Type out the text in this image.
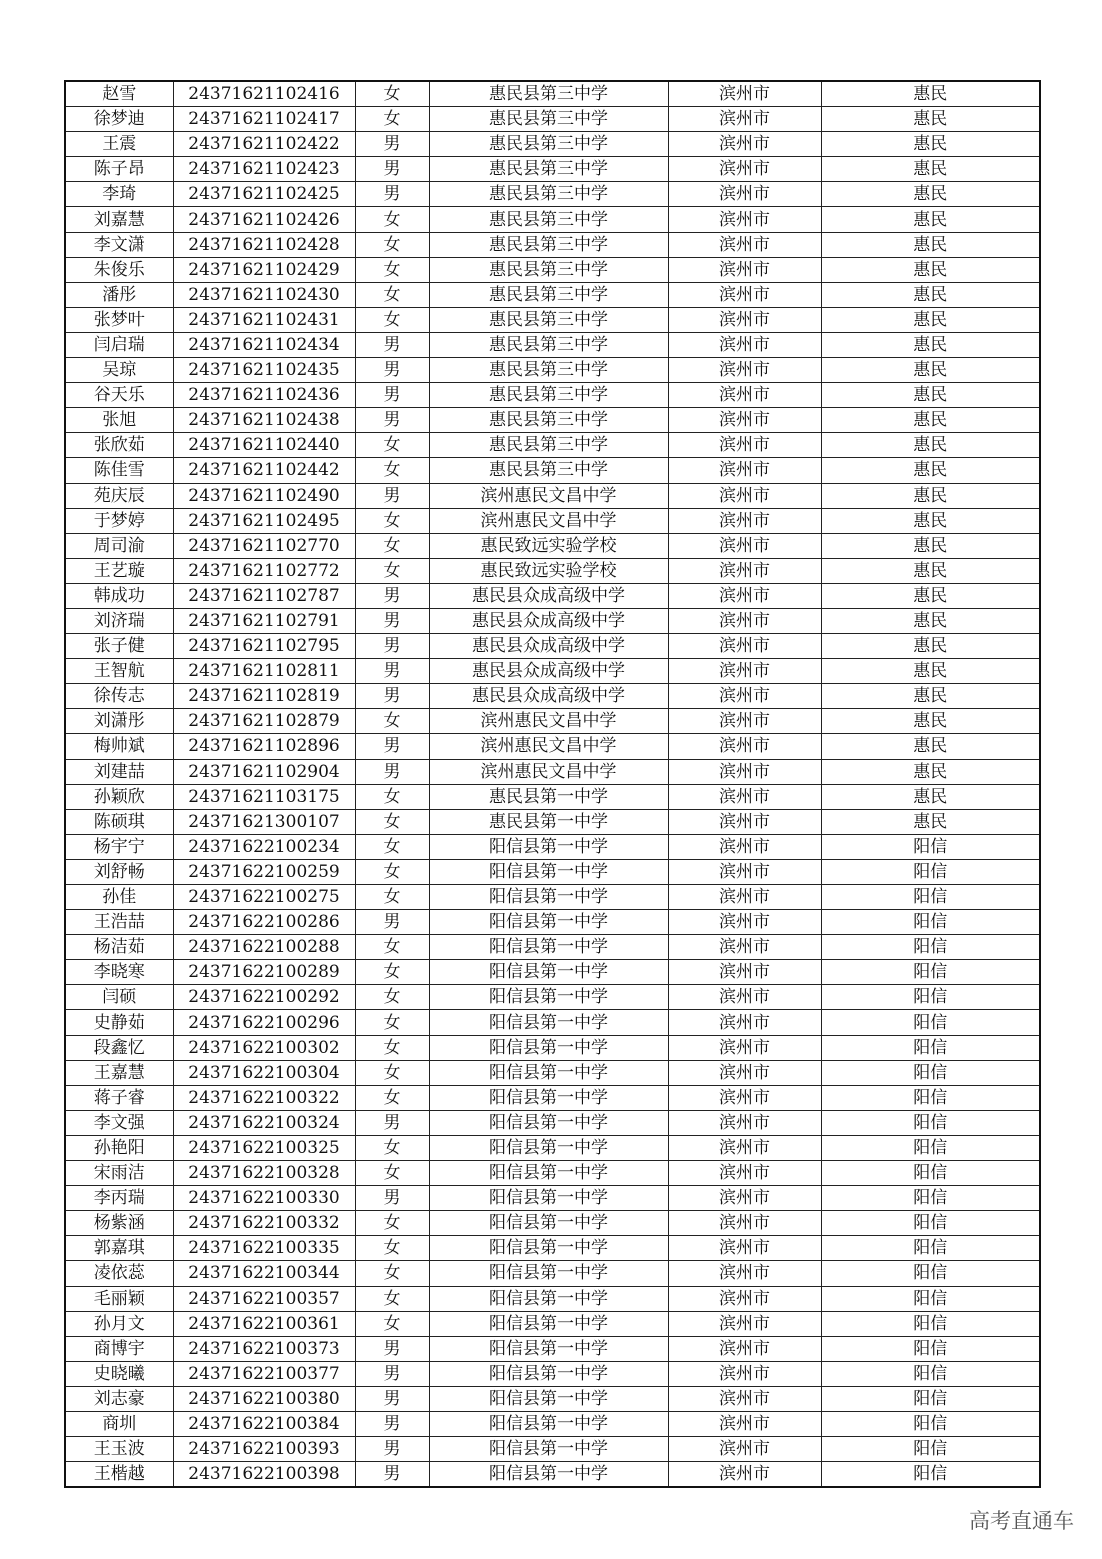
赵雪	24371621102416	女	惠民县第三中学	滨州市	惠民
徐梦迪	24371621102417	女	惠民县第三中学	滨州市	惠民
王震	24371621102422	男	惠民县第三中学	滨州市	惠民
陈子昂	24371621102423	男	惠民县第三中学	滨州市	惠民
李琦	24371621102425	男	惠民县第三中学	滨州市	惠民
刘嘉慧	24371621102426	女	惠民县第三中学	滨州市	惠民
李文潇	24371621102428	女	惠民县第三中学	滨州市	惠民
朱俊乐	24371621102429	女	惠民县第三中学	滨州市	惠民
潘彤	24371621102430	女	惠民县第三中学	滨州市	惠民
张梦叶	24371621102431	女	惠民县第三中学	滨州市	惠民
闫启瑞	24371621102434	男	惠民县第三中学	滨州市	惠民
吴琼	24371621102435	男	惠民县第三中学	滨州市	惠民
谷天乐	24371621102436	男	惠民县第三中学	滨州市	惠民
张旭	24371621102438	男	惠民县第三中学	滨州市	惠民
张欣茹	24371621102440	女	惠民县第三中学	滨州市	惠民
陈佳雪	24371621102442	女	惠民县第三中学	滨州市	惠民
苑庆辰	24371621102490	男	滨州惠民文昌中学	滨州市	惠民
于梦婷	24371621102495	女	滨州惠民文昌中学	滨州市	惠民
周司渝	24371621102770	女	惠民致远实验学校	滨州市	惠民
王艺璇	24371621102772	女	惠民致远实验学校	滨州市	惠民
韩成功	24371621102787	男	惠民县众成高级中学	滨州市	惠民
刘济瑞	24371621102791	男	惠民县众成高级中学	滨州市	惠民
张子健	24371621102795	男	惠民县众成高级中学	滨州市	惠民
王智航	24371621102811	男	惠民县众成高级中学	滨州市	惠民
徐传志	24371621102819	男	惠民县众成高级中学	滨州市	惠民
刘潇彤	24371621102879	女	滨州惠民文昌中学	滨州市	惠民
梅帅斌	24371621102896	男	滨州惠民文昌中学	滨州市	惠民
刘建喆	24371621102904	男	滨州惠民文昌中学	滨州市	惠民
孙颖欣	24371621103175	女	惠民县第一中学	滨州市	惠民
陈硕琪	24371621300107	女	惠民县第一中学	滨州市	惠民
杨宇宁	24371622100234	女	阳信县第一中学	滨州市	阳信
刘舒畅	24371622100259	女	阳信县第一中学	滨州市	阳信
孙佳	24371622100275	女	阳信县第一中学	滨州市	阳信
王浩喆	24371622100286	男	阳信县第一中学	滨州市	阳信
杨洁茹	24371622100288	女	阳信县第一中学	滨州市	阳信
李晓寒	24371622100289	女	阳信县第一中学	滨州市	阳信
闫硕	24371622100292	女	阳信县第一中学	滨州市	阳信
史静茹	24371622100296	女	阳信县第一中学	滨州市	阳信
段鑫忆	24371622100302	女	阳信县第一中学	滨州市	阳信
王嘉慧	24371622100304	女	阳信县第一中学	滨州市	阳信
蒋子睿	24371622100322	女	阳信县第一中学	滨州市	阳信
李文强	24371622100324	男	阳信县第一中学	滨州市	阳信
孙艳阳	24371622100325	女	阳信县第一中学	滨州市	阳信
宋雨洁	24371622100328	女	阳信县第一中学	滨州市	阳信
李丙瑞	24371622100330	男	阳信县第一中学	滨州市	阳信
杨紫涵	24371622100332	女	阳信县第一中学	滨州市	阳信
郭嘉琪	24371622100335	女	阳信县第一中学	滨州市	阳信
凌依蕊	24371622100344	女	阳信县第一中学	滨州市	阳信
毛丽颖	24371622100357	女	阳信县第一中学	滨州市	阳信
孙月文	24371622100361	女	阳信县第一中学	滨州市	阳信
商博宇	24371622100373	男	阳信县第一中学	滨州市	阳信
史晓曦	24371622100377	男	阳信县第一中学	滨州市	阳信
刘志豪	24371622100380	男	阳信县第一中学	滨州市	阳信
商圳	24371622100384	男	阳信县第一中学	滨州市	阳信
王玉波	24371622100393	男	阳信县第一中学	滨州市	阳信
王楷越	24371622100398	男	阳信县第一中学	滨州市	阳信
高考直通车
